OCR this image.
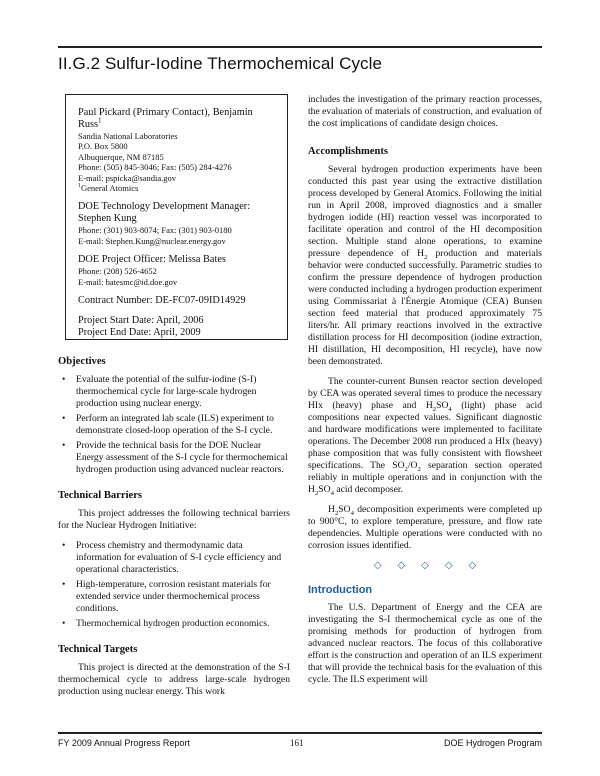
II.G.2 Sulfur-Iodine Thermochemical Cycle
Paul Pickard (Primary Contact), Benjamin Russ$^1$
Sandia National Laboratories
P.O. Box 5800
Albuquerque, NM 87185
Phone: (505) 845-3046; Fax: (505) 284-4276
E-mail: pspicka@sandia.gov
$^1$General Atomics
DOE Technology Development Manager:
Stephen Kung
Phone: (301) 903-8074; Fax: (301) 903-0180
E-mail: Stephen.Kung@nuclear.energy.gov
DOE Project Officer: Melissa Bates
Phone: (208) 526-4652
E-mail: batesmc@id.doe.gov
Contract Number: DE-FC07-09ID14929
Project Start Date: April, 2006
Project End Date: April, 2009
Objectives
• Evaluate the potential of the sulfur-iodine (S-I) thermochemical cycle for large-scale hydrogen production using nuclear energy.
• Perform an integrated lab scale (ILS) experiment to demonstrate closed-loop operation of the S-I cycle.
• Provide the technical basis for the DOE Nuclear Energy assessment of the S-I cycle for thermochemical hydrogen production using advanced nuclear reactors.
Technical Barriers

This project addresses the following technical barriers for the Nuclear Hydrogen Initiative:

• Process chemistry and thermodynamic data information for evaluation of S-I cycle efficiency and operational characteristics.
• High-temperature, corrosion resistant materials for extended service under thermochemical process conditions.
• Thermochemical hydrogen production economics.
Technical Targets

This project is directed at the demonstration of the S-I thermochemical cycle to address large-scale hydrogen production using nuclear energy. This work

includes the investigation of the primary reaction processes, the evaluation of materials of construction, and evaluation of the cost implications of candidate design choices.

Accomplishments

Several hydrogen production experiments have been conducted this past year using the extractive distillation process developed by General Atomics. Following the initial run in April 2008, improved diagnostics and a smaller hydrogen iodide (HI) reaction vessel was incorporated to facilitate operation and control of the HI decomposition section. Multiple stand alone operations, to examine pressure dependence of $H_2$ production and materials behavior were conducted successfully. Parametric studies to confirm the pressure dependence of hydrogen production were conducted including a hydrogen production experiment using Commissariat à l'Énergie Atomique (CEA) Bunsen section feed material that produced approximately 75 liters/hr. All primary reactions involved in the extractive distillation process for HI decomposition (iodine extraction, HI distillation, HI decomposition, HI recycle), have now been demonstrated.

The counter-current Bunsen reactor section developed by CEA was operated several times to produce the necessary HIx (heavy) phase and $H_2SO_4$ (light) phase acid compositions near expected values. Significant diagnostic and hardware modifications were implemented to facilitate operations. The December 2008 run produced a HIx (heavy) phase composition that was fully consistent with flowsheet specifications. The $SO_2/O_2$ separation section operated reliably in multiple operations and in conjunction with the $H_2SO_4$ acid decomposer.

$H_2SO_4$ decomposition experiments were completed up to 900°C, to explore temperature, pressure, and flow rate dependencies. Multiple operations were conducted with no corrosion issues identified.

◇ ◇ ◇ ◇ ◇
Introduction

The U.S. Department of Energy and the CEA are investigating the S-I thermochemical cycle as one of the promising methods for production of hydrogen from advanced nuclear reactors. The focus of this collaborative effort is the construction and operation of an ILS experiment that will provide the technical basis for the evaluation of this cycle. The ILS experiment will

FY 2009 Annual Progress Report	161	DOE Hydrogen Program
